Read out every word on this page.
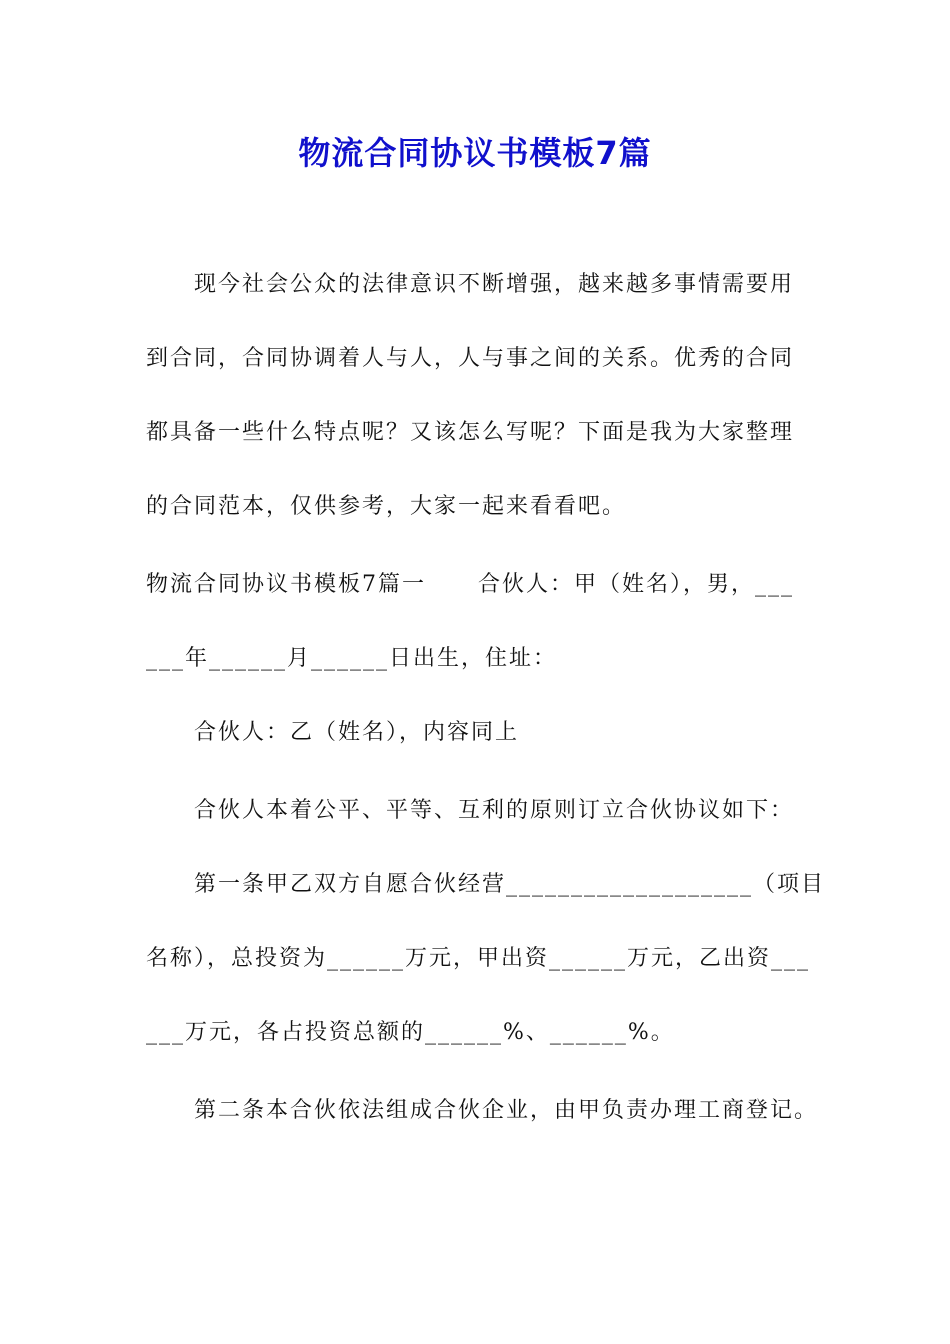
物流合同协议书模板7篇
现今社会公众的法律意识不断增强，越来越多事情需要用
到合同，合同协调着人与人，人与事之间的关系。优秀的合同
都具备一些什么特点呢？又该怎么写呢？下面是我为大家整理
的合同范本，仅供参考，大家一起来看看吧。
物流合同协议书模板7篇一 合伙人：甲（姓名），男，___
___年______月______日出生，住址：
合伙人：乙（姓名），内容同上
合伙人本着公平、平等、互利的原则订立合伙协议如下：
第一条甲乙双方自愿合伙经营___________________（项目
名称），总投资为______万元，甲出资______万元，乙出资___
___万元，各占投资总额的______%、______%。
第二条本合伙依法组成合伙企业，由甲负责办理工商登记。
